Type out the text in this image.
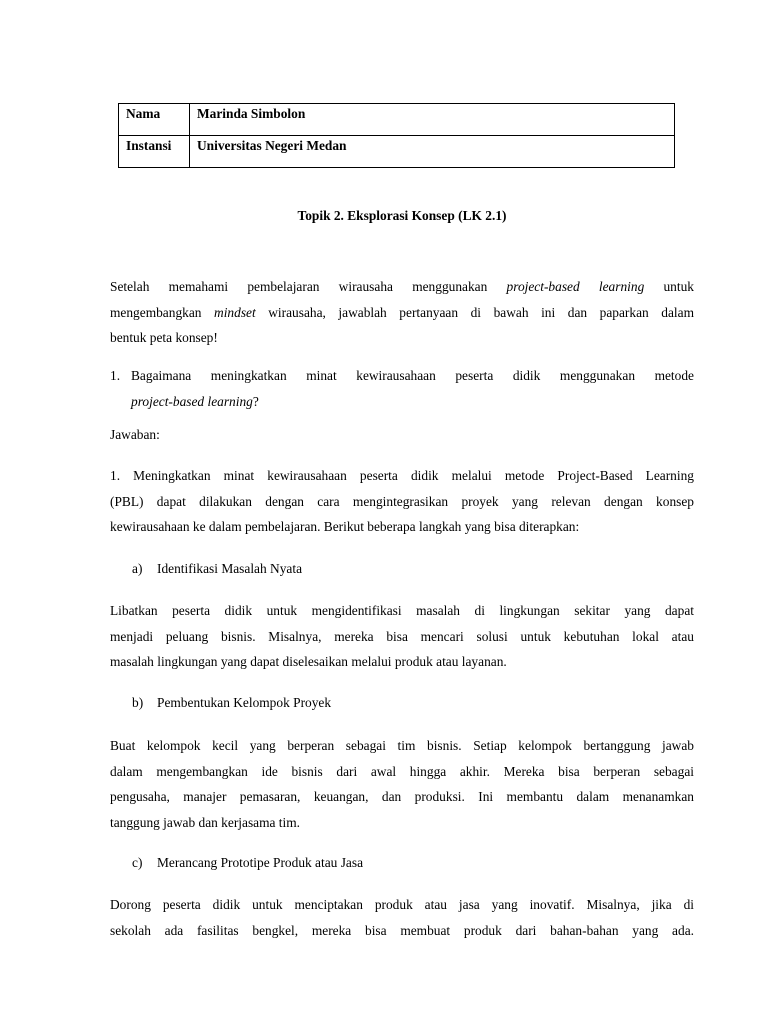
Nama	Marinda Simbolon
Instansi	Universitas Negeri Medan
Topik 2. Eksplorasi Konsep (LK 2.1)
Setelah memahami pembelajaran wirausaha menggunakan project-based learning untuk
mengembangkan mindset wirausaha, jawablah pertanyaan di bawah ini dan paparkan dalam
bentuk peta konsep!
1. Bagaimana meningkatkan minat kewirausahaan peserta didik menggunakan metode
project-based learning?
Jawaban:
1. Meningkatkan minat kewirausahaan peserta didik melalui metode Project-Based Learning
(PBL) dapat dilakukan dengan cara mengintegrasikan proyek yang relevan dengan konsep
kewirausahaan ke dalam pembelajaran. Berikut beberapa langkah yang bisa diterapkan:
a) Identifikasi Masalah Nyata
Libatkan peserta didik untuk mengidentifikasi masalah di lingkungan sekitar yang dapat
menjadi peluang bisnis. Misalnya, mereka bisa mencari solusi untuk kebutuhan lokal atau
masalah lingkungan yang dapat diselesaikan melalui produk atau layanan.
b) Pembentukan Kelompok Proyek
Buat kelompok kecil yang berperan sebagai tim bisnis. Setiap kelompok bertanggung jawab
dalam mengembangkan ide bisnis dari awal hingga akhir. Mereka bisa berperan sebagai
pengusaha, manajer pemasaran, keuangan, dan produksi. Ini membantu dalam menanamkan
tanggung jawab dan kerjasama tim.
c) Merancang Prototipe Produk atau Jasa
Dorong peserta didik untuk menciptakan produk atau jasa yang inovatif. Misalnya, jika di
sekolah ada fasilitas bengkel, mereka bisa membuat produk dari bahan-bahan yang ada.
